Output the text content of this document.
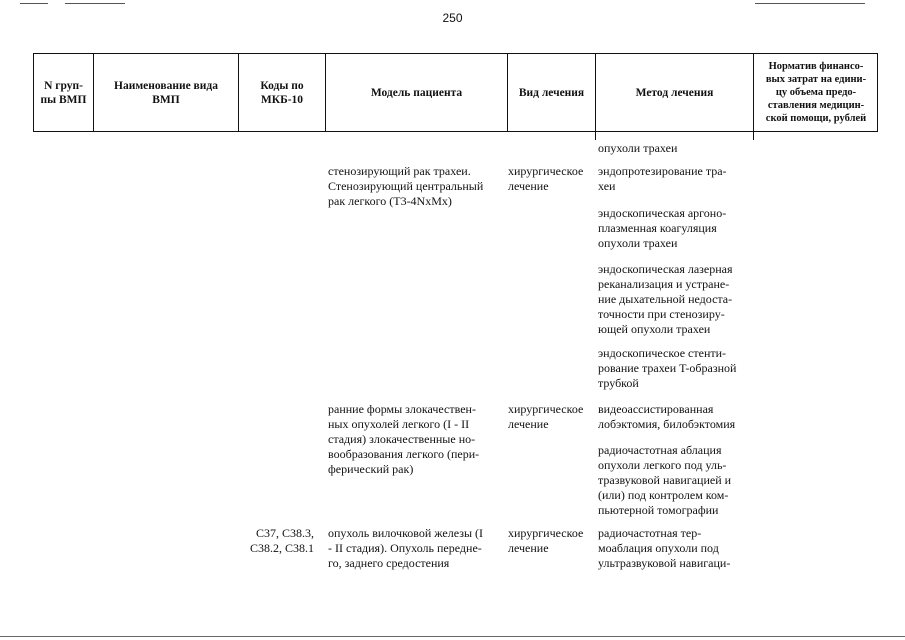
250
N груп-
пы ВМП
Наименование вида
ВМП
Коды по
МКБ-10
Модель пациента	Вид лечения	Метод лечения
Норматив финансо-
вых затрат на едини-
цу объема предо-
ставления медицин-
ской помощи, рублей
опухоли трахеи
стенозирующий рак трахеи.
Стенозирующий центральный
рак легкого (T3-4NxMx)
хирургическое
лечение
эндопротезирование тра-
хеи
эндоскопическая аргоно-
плазменная коагуляция
опухоли трахеи
эндоскопическая лазерная
реканализация и устране-
ние дыхательной недоста-
точности при стенозиру-
ющей опухоли трахеи
эндоскопическое стенти-
рование трахеи T-образной
трубкой
ранние формы злокачествен-
ных опухолей легкого (I - II
стадия) злокачественные но-
вообразования легкого (пери-
ферический рак)
хирургическое
лечение
видеоассистированная
лобэктомия, билобэктомия
радиочастотная аблация
опухоли легкого под уль-
тразвуковой навигацией и
(или) под контролем ком-
пьютерной томографии
C37, C38.3,
C38.2, C38.1
опухоль вилочковой железы (I
- II стадия). Опухоль передне-
го, заднего средостения
хирургическое
лечение
радиочастотная тер-
моаблация опухоли под
ультразвуковой навигаци-
